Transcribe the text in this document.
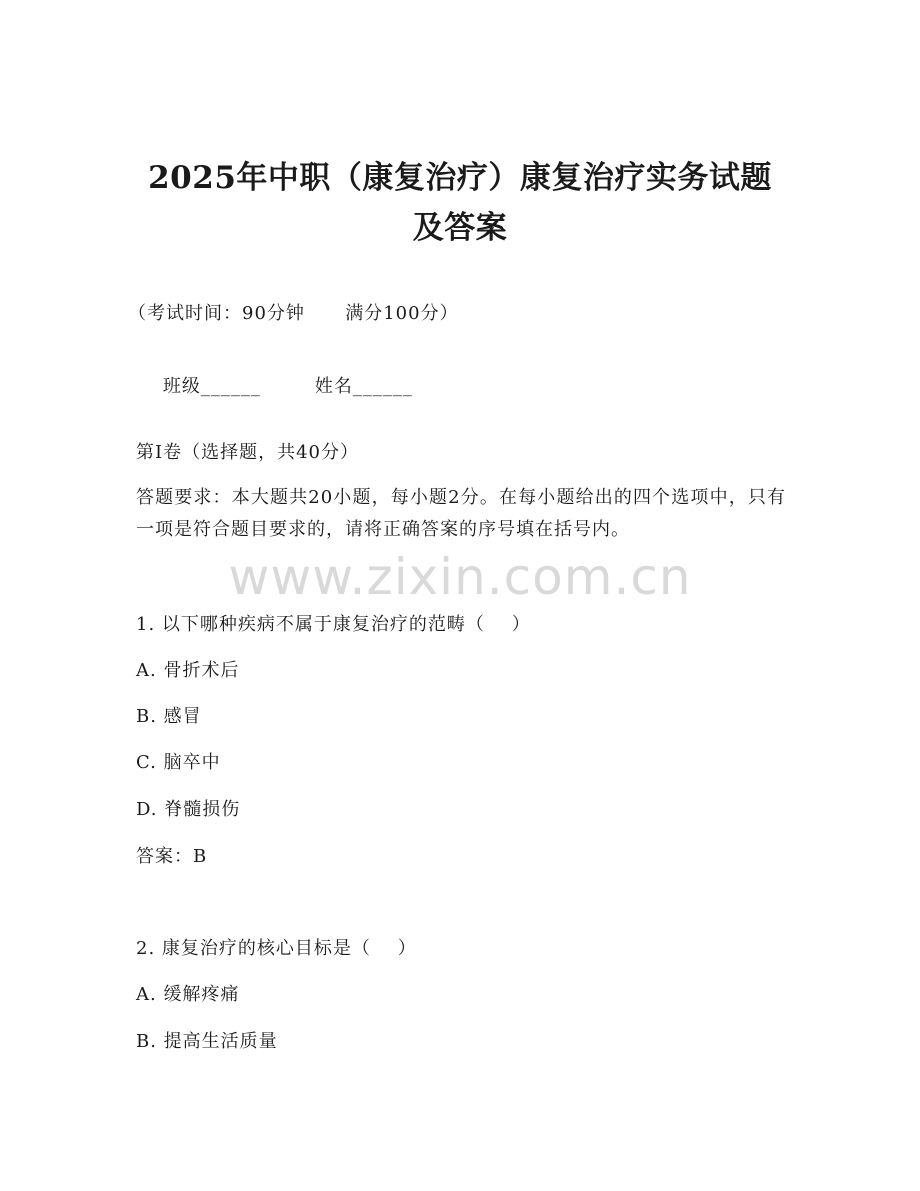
2025年中职（康复治疗）康复治疗实务试题
及答案
（考试时间：90分钟      满分100分）

班级______	姓名______

第I卷（选择题，共40分）
答题要求：本大题共20小题，每小题2分。在每小题给出的四个选项中，只有一项是符合题目要求的，请将正确答案的序号填在括号内。
www.zixin.com.cn
1. 以下哪种疾病不属于康复治疗的范畴（    ）
A. 骨折术后
B. 感冒
C. 脑卒中
D. 脊髓损伤
答案：B
2. 康复治疗的核心目标是（    ）
A. 缓解疼痛
B. 提高生活质量
